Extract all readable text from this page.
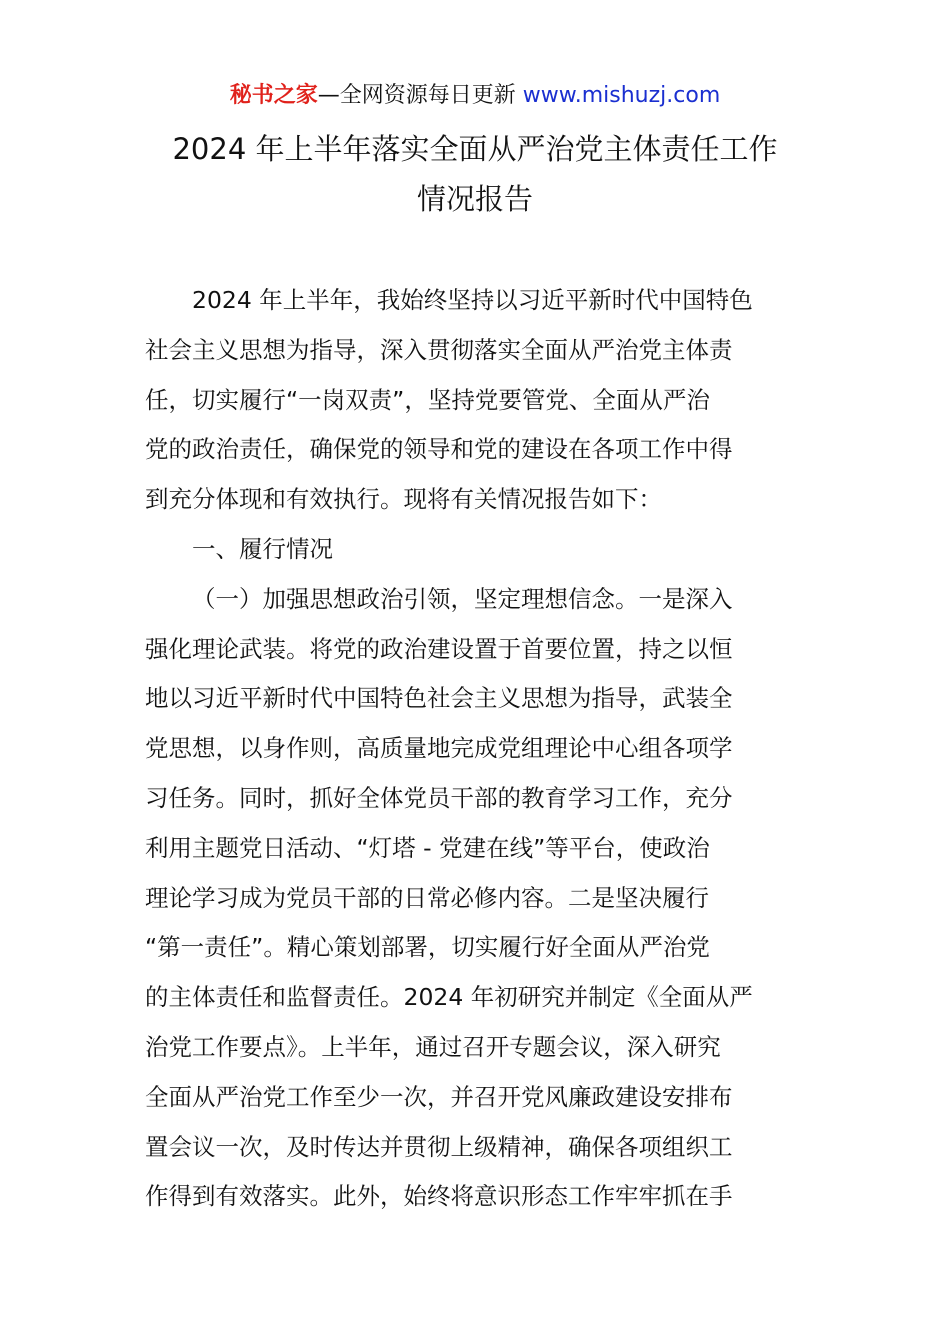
秘书之家—全网资源每日更新 www.mishuzj.com
2024 年上半年落实全面从严治党主体责任工作
情况报告
2024 年上半年，我始终坚持以习近平新时代中国特色
社会主义思想为指导，深入贯彻落实全面从严治党主体责
任，切实履行“一岗双责”，坚持党要管党、全面从严治
党的政治责任，确保党的领导和党的建设在各项工作中得
到充分体现和有效执行。现将有关情况报告如下：
一、履行情况
（一）加强思想政治引领，坚定理想信念。一是深入
强化理论武装。将党的政治建设置于首要位置，持之以恒
地以习近平新时代中国特色社会主义思想为指导，武装全
党思想，以身作则，高质量地完成党组理论中心组各项学
习任务。同时，抓好全体党员干部的教育学习工作，充分
利用主题党日活动、“灯塔 - 党建在线”等平台，使政治
理论学习成为党员干部的日常必修内容。二是坚决履行
“第一责任”。精心策划部署，切实履行好全面从严治党
的主体责任和监督责任。2024 年初研究并制定《全面从严
治党工作要点》。上半年，通过召开专题会议，深入研究
全面从严治党工作至少一次，并召开党风廉政建设安排布
置会议一次，及时传达并贯彻上级精神，确保各项组织工
作得到有效落实。此外，始终将意识形态工作牢牢抓在手
